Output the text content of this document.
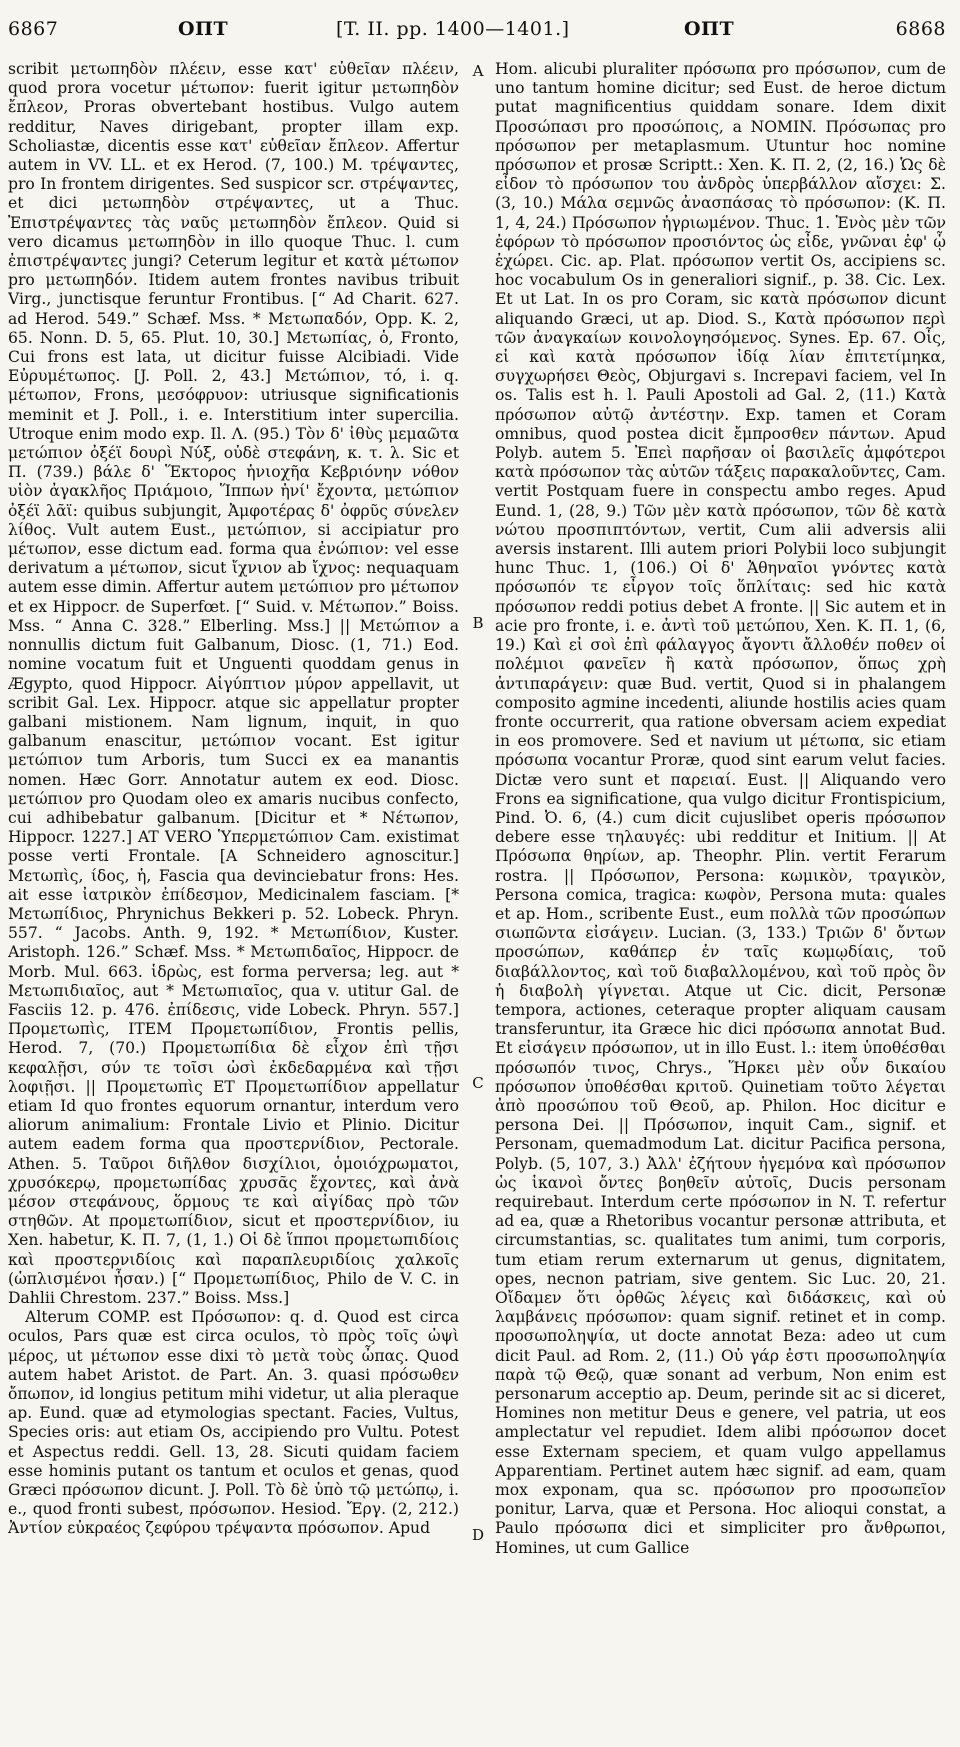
6867	ΟΠΤ	[T. II. pp. 1400—1401.]	ΟΠΤ	6868

scribit μετωπηδὸν πλέειν, esse κατ' εὐθεῖαν πλέειν, quod prora vocetur μέτωπον: fuerit igitur μετωπηδὸν ἔπλεον, Proras obvertebant hostibus. Vulgo autem redditur, Naves dirigebant, propter illam exp. Scholiastæ, dicentis esse κατ' εὐθεῖαν ἔπλεον. Affertur autem in VV. LL. et ex Herod. (7, 100.) M. τρέψαντες, pro In frontem dirigentes. Sed suspicor scr. στρέψαντες, et dici μετωπηδὸν στρέψαντες, ut a Thuc. Ἐπιστρέψαντες τὰς ναῦς μετωπηδὸν ἔπλεον. Quid si vero dicamus μετωπηδὸν in illo quoque Thuc. l. cum ἐπιστρέψαντες jungi? Ceterum legitur et κατὰ μέτωπον pro μετωπηδόν. Itidem autem frontes navibus tribuit Virg., junctisque feruntur Frontibus. [“ Ad Charit. 627. ad Herod. 549.” Schæf. Mss. * Μετωπαδόν, Opp. K. 2, 65. Nonn. D. 5, 65. Plut. 10, 30.] Μετωπίας, ὁ, Fronto, Cui frons est lata, ut dicitur fuisse Alcibiadi. Vide Εὐρυμέτωπος. [J. Poll. 2, 43.] Μετώπιον, τό, i. q. μέτωπον, Frons, μεσόφρυον: utriusque significationis meminit et J. Poll., i. e. Interstitium inter supercilia. Utroque enim modo exp. Il. Λ. (95.) Τὸν δ' ἰθὺς μεμαῶτα μετώπιον ὀξέϊ δουρὶ Νύξ, οὐδὲ στεφάνη, κ. τ. λ. Sic et Π. (739.) βάλε δ' Ἕκτορος ἡνιοχῆα Κεβριόνην νόθον υἱὸν ἀγακλῆος Πριάμοιο, Ἵππων ἡνί' ἔχοντα, μετώπιον ὀξέϊ λᾶϊ: quibus subjungit, Ἀμφοτέρας δ' ὀφρῦς σύνελεν λίθος. Vult autem Eust., μετώπιον, si accipiatur pro μέτωπον, esse dictum ead. forma qua ἐνώπιον: vel esse derivatum a μέτωπον, sicut ἴχνιον ab ἴχνος: nequaquam autem esse dimin. Affertur autem μετώπιον pro μέτωπον et ex Hippocr. de Superfœt. [“ Suid. v. Μέτωπον.” Boiss. Mss. “ Anna C. 328.” Elberling. Mss.] || Μετώπιον a nonnullis dictum fuit Galbanum, Diosc. (1, 71.) Eod. nomine vocatum fuit et Unguenti quoddam genus in Ægypto, quod Hippocr. Αἰγύπτιον μύρον appellavit, ut scribit Gal. Lex. Hippocr. atque sic appellatur propter galbani mistionem. Nam lignum, inquit, in quo galbanum enascitur, μετώπιον vocant. Est igitur μετώπιον tum Arboris, tum Succi ex ea manantis nomen. Hæc Gorr. Annotatur autem ex eod. Diosc. μετώπιον pro Quodam oleo ex amaris nucibus confecto, cui adhibebatur galbanum. [Dicitur et * Νέτωπον, Hippocr. 1227.] AT VERO Ὑπερμετώπιον Cam. existimat posse verti Frontale. [A Schneidero agnoscitur.] Μετωπὶς, ίδος, ἡ, Fascia qua devinciebatur frons: Hes. ait esse ἰατρικὸν ἐπίδεσμον, Medicinalem fasciam. [* Μετωπίδιος, Phrynichus Bekkeri p. 52. Lobeck. Phryn. 557. “ Jacobs. Anth. 9, 192. * Μετωπίδιον, Kuster. Aristoph. 126.” Schæf. Mss. * Μετωπιδαῖος, Hippocr. de Morb. Mul. 663. ἱδρὼς, est forma perversa; leg. aut * Μετωπιδιαῖος, aut * Μετωπιαῖος, qua v. utitur Gal. de Fasciis 12. p. 476. ἐπίδεσις, vide Lobeck. Phryn. 557.] Προμετωπὶς, ITEM Προμετωπίδιον, Frontis pellis, Herod. 7, (70.) Προμετωπίδια δὲ εἶχον ἐπὶ τῇσι κεφαλῇσι, σύν τε τοῖσι ὠσὶ ἐκδεδαρμένα καὶ τῇσι λοφιῇσι. || Προμετωπὶς ET Προμετωπίδιον appellatur etiam Id quo frontes equorum ornantur, interdum vero aliorum animalium: Frontale Livio et Plinio. Dicitur autem eadem forma qua προστερνίδιον, Pectorale. Athen. 5. Ταῦροι διῆλθον δισχίλιοι, ὁμοιόχρωματοι, χρυσόκερῳ, προμετωπίδας χρυσᾶς ἔχοντες, καὶ ἀνὰ μέσον στεφάνους, ὅρμους τε καὶ αἰγίδας πρὸ τῶν στηθῶν. At προμετωπίδιον, sicut et προστερνίδιον, iu Xen. habetur, K. Π. 7, (1, 1.) Οἱ δὲ ἵπποι προμετωπιδίοις καὶ προστερνιδίοις καὶ παραπλευριδίοις χαλκοῖς (ὡπλισμένοι ἦσαν.) [“ Προμετωπίδιος, Philo de V. C. in Dahlii Chrestom. 237.” Boiss. Mss.]

Alterum COMP. est Πρόσωπον: q. d. Quod est circa oculos, Pars quæ est circa oculos, τὸ πρὸς τοῖς ὠψὶ μέρος, ut μέτωπον esse dixi τὸ μετὰ τοὺς ὦπας. Quod autem habet Aristot. de Part. An. 3. quasi πρόσωθεν ὄπωπον, id longius petitum mihi videtur, ut alia pleraque ap. Eund. quæ ad etymologias spectant. Facies, Vultus, Species oris: aut etiam Os, accipiendo pro Vultu. Potest et Aspectus reddi. Gell. 13, 28. Sicuti quidam faciem esse hominis putant os tantum et oculos et genas, quod Græci πρόσωπον dicunt. J. Poll. Τὸ δὲ ὑπὸ τῷ μετώπῳ, i. e., quod fronti subest, πρόσωπον. Hesiod. Ἔργ. (2, 212.) Ἀντίον εὐκραέος ζεφύρου τρέψαντα πρόσωπον. Apud

A
B
C
D

Hom. alicubi pluraliter πρόσωπα pro πρόσωπον, cum de uno tantum homine dicitur; sed Eust. de heroe dictum putat magnificentius quiddam sonare. Idem dixit Προσώπασι pro προσώποις, a NOMIN. Πρόσωπας pro πρόσωπον per metaplasmum. Utuntur hoc nomine πρόσωπον et prosæ Scriptt.: Xen. K. Π. 2, (2, 16.) Ὡς δὲ εἶδον τὸ πρόσωπον του ἀνδρὸς ὑπερβάλλον αἴσχει: Σ. (3, 10.) Μάλα σεμνῶς ἀνασπάσας τὸ πρόσωπον: (K. Π. 1, 4, 24.) Πρόσωπον ἠγριωμένον. Thuc. 1. Ἑνὸς μὲν τῶν ἐφόρων τὸ πρόσωπον προσιόντος ὡς εἶδε, γνῶναι ἐφ' ᾧ ἐχώρει. Cic. ap. Plat. πρόσωπον vertit Os, accipiens sc. hoc vocabulum Os in generaliori signif., p. 38. Cic. Lex. Et ut Lat. In os pro Coram, sic κατὰ πρόσωπον dicunt aliquando Græci, ut ap. Diod. S., Κατὰ πρόσωπον περὶ τῶν ἀναγκαίων κοινολογησόμενος. Synes. Ep. 67. Οἷς, εἰ καὶ κατὰ πρόσωπον ἰδίᾳ λίαν ἐπιτετίμηκα, συγχωρήσει Θεὸς, Objurgavi s. Increpavi faciem, vel In os. Talis est h. l. Pauli Apostoli ad Gal. 2, (11.) Κατὰ πρόσωπον αὐτῷ ἀντέστην. Exp. tamen et Coram omnibus, quod postea dicit ἔμπροσθεν πάντων. Apud Polyb. autem 5. Ἐπεὶ παρῆσαν οἱ βασιλεῖς ἀμφότεροι κατὰ πρόσωπον τὰς αὑτῶν τάξεις παρακαλοῦντες, Cam. vertit Postquam fuere in conspectu ambo reges. Apud Eund. 1, (28, 9.) Τῶν μὲν κατὰ πρόσωπον, τῶν δὲ κατὰ νώτου προσπιπτόντων, vertit, Cum alii adversis alii aversis instarent. Illi autem priori Polybii loco subjungit hunc Thuc. 1, (106.) Οἱ δ' Ἀθηναῖοι γνόντες κατὰ πρόσωπόν τε εἶργον τοῖς ὅπλίταις: sed hic κατὰ πρόσωπον reddi potius debet A fronte. || Sic autem et in acie pro fronte, i. e. ἀντὶ τοῦ μετώπου, Xen. K. Π. 1, (6, 19.) Καὶ εἰ σοὶ ἐπὶ φάλαγγος ἄγοντι ἄλλοθέν ποθεν οἱ πολέμιοι φανεῖεν ἢ κατὰ πρόσωπον, ὅπως χρὴ ἀντιπαράγειν: quæ Bud. vertit, Quod si in phalangem composito agmine incedenti, aliunde hostilis acies quam fronte occurrerit, qua ratione obversam aciem expediat in eos promovere. Sed et navium ut μέτωπα, sic etiam πρόσωπα vocantur Proræ, quod sint earum velut facies. Dictæ vero sunt et παρειαί. Eust. || Aliquando vero Frons ea significatione, qua vulgo dicitur Frontispicium, Pind. Ὀ. 6, (4.) cum dicit cujuslibet operis πρόσωπον debere esse τηλαυγές: ubi redditur et Initium. || At Πρόσωπα θηρίων, ap. Theophr. Plin. vertit Ferarum rostra. || Πρόσωπον, Persona: κωμικὸν, τραγικὸν, Persona comica, tragica: κωφὸν, Persona muta: quales et ap. Hom., scribente Eust., eum πολλὰ τῶν προσώπων σιωπῶντα εἰσάγειν. Lucian. (3, 133.) Τριῶν δ' ὄντων προσώπων, καθάπερ ἐν ταῖς κωμῳδίαις, τοῦ διαβάλλοντος, καὶ τοῦ διαβαλλομένου, καὶ τοῦ πρὸς ὃν ἡ διαβολὴ γίγνεται. Atque ut Cic. dicit, Personæ tempora, actiones, ceteraque propter aliquam causam transferuntur, ita Græce hic dici πρόσωπα annotat Bud. Et εἰσάγειν πρόσωπον, ut in illo Eust. l.: item ὑποθέσθαι πρόσωπόν τινος, Chrys., Ἥρκει μὲν οὖν δικαίου πρόσωπον ὑποθέσθαι κριτοῦ. Quinetiam τοῦτο λέγεται ἀπὸ προσώπου τοῦ Θεοῦ, ap. Philon. Hoc dicitur e persona Dei. || Πρόσωπον, inquit Cam., signif. et Personam, quemadmodum Lat. dicitur Pacifica persona, Polyb. (5, 107, 3.) Ἀλλ' ἐζήτουν ἡγεμόνα καὶ πρόσωπον ὡς ἱκανοὶ ὄντες βοηθεῖν αὐτοῖς, Ducis personam requirebaut. Interdum certe πρόσωπον in N. T. refertur ad ea, quæ a Rhetoribus vocantur personæ attributa, et circumstantias, sc. qualitates tum animi, tum corporis, tum etiam rerum externarum ut genus, dignitatem, opes, necnon patriam, sive gentem. Sic Luc. 20, 21. Οἴδαμεν ὅτι ὀρθῶς λέγεις καὶ διδάσκεις, καὶ οὐ λαμβάνεις πρόσωπον: quam signif. retinet et in comp. προσωποληψία, ut docte annotat Beza: adeo ut cum dicit Paul. ad Rom. 2, (11.) Οὐ γάρ ἐστι προσωποληψία παρὰ τῷ Θεῷ, quæ sonant ad verbum, Non enim est personarum acceptio ap. Deum, perinde sit ac si diceret, Homines non metitur Deus e genere, vel patria, ut eos amplectatur vel repudiet. Idem alibi πρόσωπον docet esse Externam speciem, et quam vulgo appellamus Apparentiam. Pertinet autem hæc signif. ad eam, quam mox exponam, qua sc. πρόσωπον pro προσωπεῖον ponitur, Larva, quæ et Persona. Hoc alioqui constat, a Paulo πρόσωπα dici et simpliciter pro ἄνθρωποι, Homines, ut cum Gallice
